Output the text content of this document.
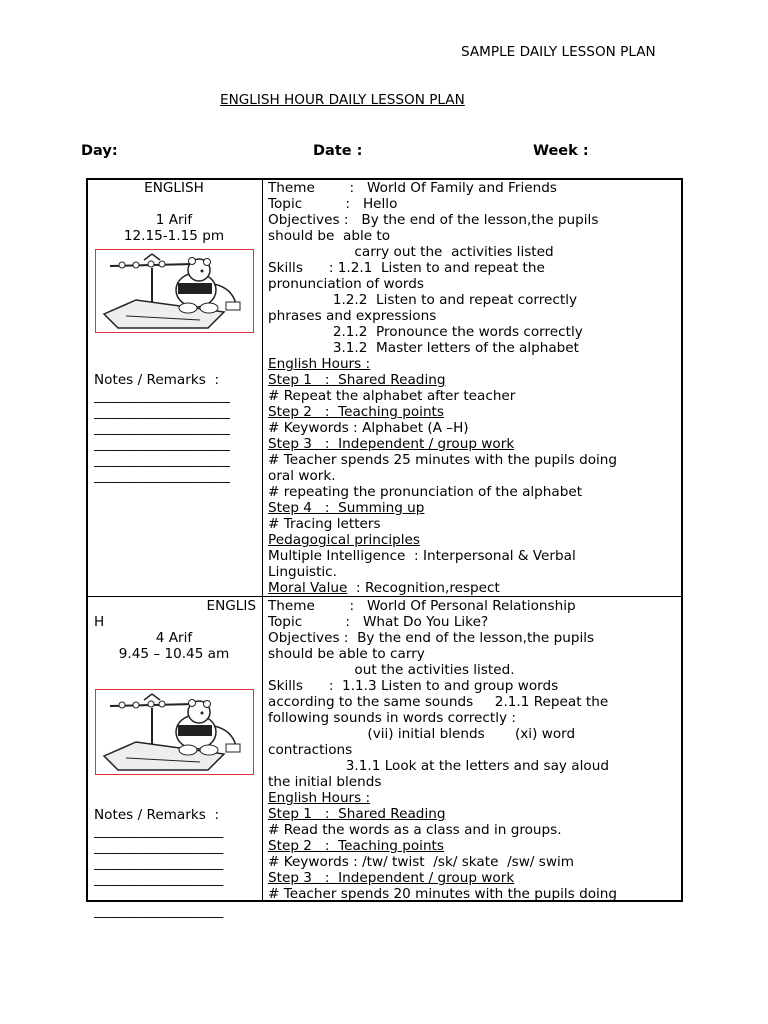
SAMPLE DAILY LESSON PLAN
ENGLISH HOUR DAILY LESSON PLAN
Day:	Date :	Week :
ENGLISH
1 Arif
12.15-1.15 pm
Notes / Remarks  :
____________________
____________________
____________________
____________________
____________________
____________________
Theme        :   World Of Family and Friends
Topic          :   Hello
Objectives :   By the end of the lesson,the pupils
should be  able to
carry out the  activities listed
Skills      : 1.2.1  Listen to and repeat the
pronunciation of words
1.2.2  Listen to and repeat correctly
phrases and expressions
2.1.2  Pronounce the words correctly
3.1.2  Master letters of the alphabet
English Hours :
Step 1   :  Shared Reading
# Repeat the alphabet after teacher
Step 2   :  Teaching points
# Keywords : Alphabet (A –H)
Step 3   :  Independent / group work
# Teacher spends 25 minutes with the pupils doing
oral work.
# repeating the pronunciation of the alphabet
Step 4   :  Summing up
# Tracing letters
Pedagogical principles
Multiple Intelligence  : Interpersonal & Verbal
Linguistic.
Moral Value  : Recognition,respect
ENGLIS
H
4 Arif
9.45 – 10.45 am
Notes / Remarks  :
___________________
___________________
___________________
___________________
___________________
___________________
Theme        :   World Of Personal Relationship
Topic          :   What Do You Like?
Objectives :  By the end of the lesson,the pupils
should be able to carry
out the activities listed.
Skills      :  1.1.3 Listen to and group words
according to the same sounds     2.1.1 Repeat the
following sounds in words correctly :
(vii) initial blends       (xi) word
contractions
3.1.1 Look at the letters and say aloud
the initial blends
English Hours :
Step 1   :  Shared Reading
# Read the words as a class and in groups.
Step 2   :  Teaching points
# Keywords : /tw/ twist  /sk/ skate  /sw/ swim
Step 3   :  Independent / group work
# Teacher spends 20 minutes with the pupils doing
